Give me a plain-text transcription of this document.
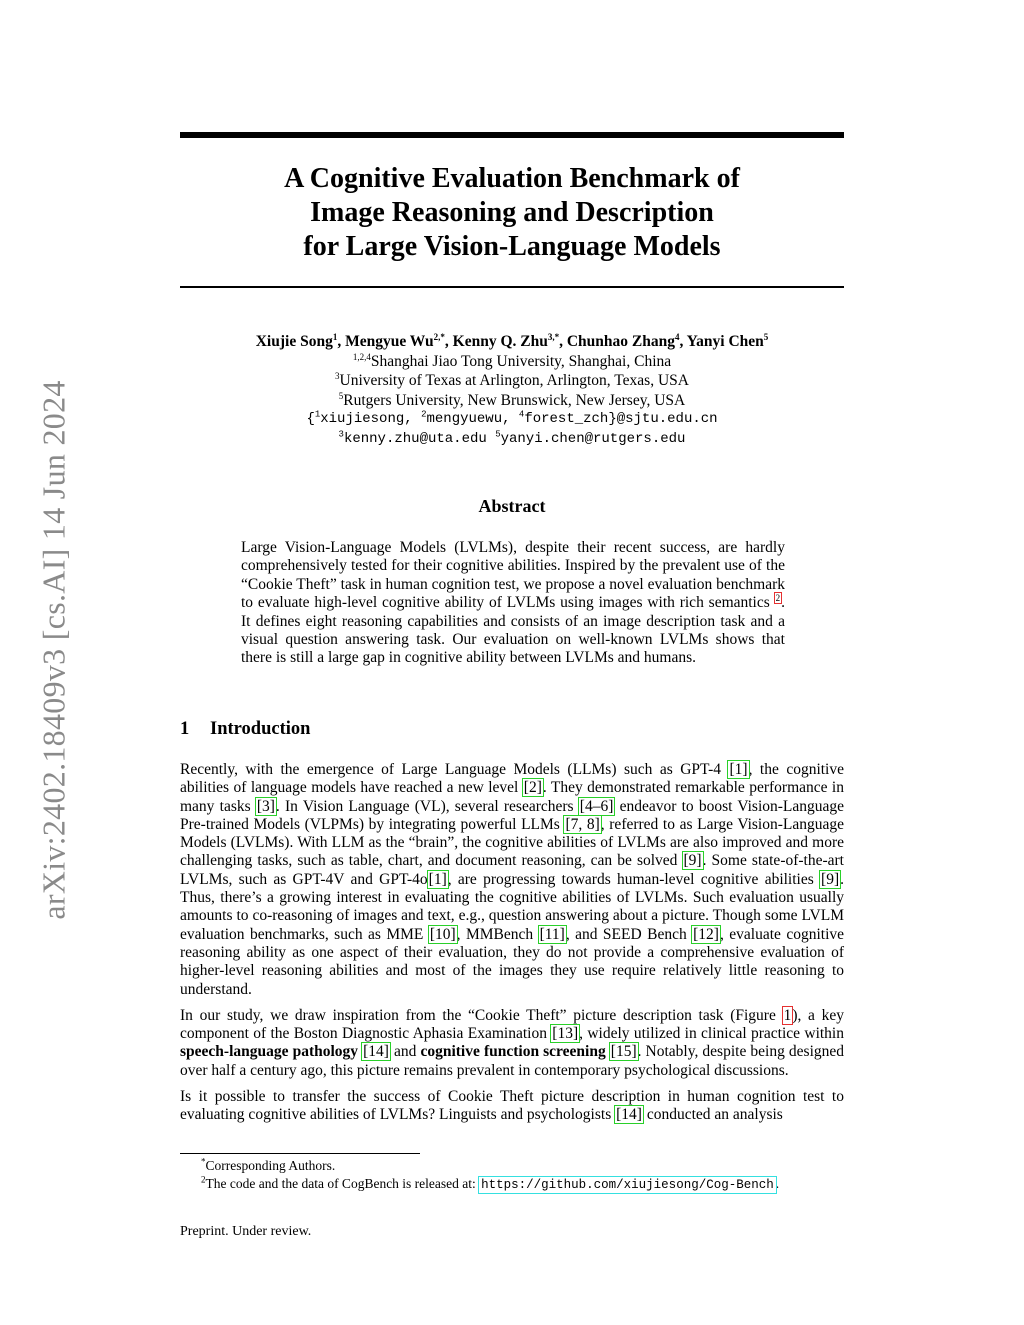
arXiv:2402.18409v3 [cs.AI] 14 Jun 2024
A Cognitive Evaluation Benchmark of
Image Reasoning and Description
for Large Vision-Language Models
Xiujie Song$^1$, Mengyue $Wu^{2,*}$, Kenny Q. Zhu$^{3,*}$, Chunhao Zhang$^4$, Yanyi Chen$^5$
$^{1,2,4}$Shanghai Jiao Tong University, Shanghai, China
$^3$University of Texas at Arlington, Arlington, Texas, USA
$^5$Rutgers University, New Brunswick, New Jersey, USA
{$^1$xiujiesong, $^2$mengyuewu, $^4$forest_zch}@sjtu.edu.cn
$^3$kenny.zhu@uta.edu $^5$yanyi.chen@rutgers.edu
Abstract
Large Vision-Language Models (LVLMs), despite their recent success, are hardly comprehensively tested for their cognitive abilities. Inspired by the prevalent use of the “Cookie Theft” task in human cognition test, we propose a novel evaluation benchmark to evaluate high-level cognitive ability of LVLMs using images with rich semantics $^2$. It defines eight reasoning capabilities and consists of an image description task and a visual question answering task. Our evaluation on well-known LVLMs shows that there is still a large gap in cognitive ability between LVLMs and humans.
1 Introduction

Recently, with the emergence of Large Language Models (LLMs) such as GPT-4 [1], the cognitive abilities of language models have reached a new level [2]. They demonstrated remarkable performance in many tasks [3]. In Vision Language (VL), several researchers [4–6] endeavor to boost Vision-Language Pre-trained Models (VLPMs) by integrating powerful LLMs [7, 8], referred to as Large Vision-Language Models (LVLMs). With LLM as the “brain”, the cognitive abilities of LVLMs are also improved and more challenging tasks, such as table, chart, and document reasoning, can be solved [9]. Some state-of-the-art LVLMs, such as GPT-4V and GPT-4o[1], are progressing towards human-level cognitive abilities [9]. Thus, there’s a growing interest in evaluating the cognitive abilities of LVLMs. Such evaluation usually amounts to co-reasoning of images and text, e.g., question answering about a picture. Though some LVLM evaluation benchmarks, such as MME [10], MMBench [11], and SEED Bench [12], evaluate cognitive reasoning ability as one aspect of their evaluation, they do not provide a comprehensive evaluation of higher-level reasoning abilities and most of the images they use require relatively little reasoning to understand.

In our study, we draw inspiration from the “Cookie Theft” picture description task (Figure 1), a key component of the Boston Diagnostic Aphasia Examination [13], widely utilized in clinical practice within speech-language pathology [14] and cognitive function screening [15]. Notably, despite being designed over half a century ago, this picture remains prevalent in contemporary psychological discussions.

Is it possible to transfer the success of Cookie Theft picture description in human cognition test to evaluating cognitive abilities of LVLMs? Linguists and psychologists [14] conducted an analysis

*Corresponding Authors.
$^2$The code and the data of CogBench is released at: https://github.com/xiujiesong/Cog-Bench .
Preprint. Under review.
